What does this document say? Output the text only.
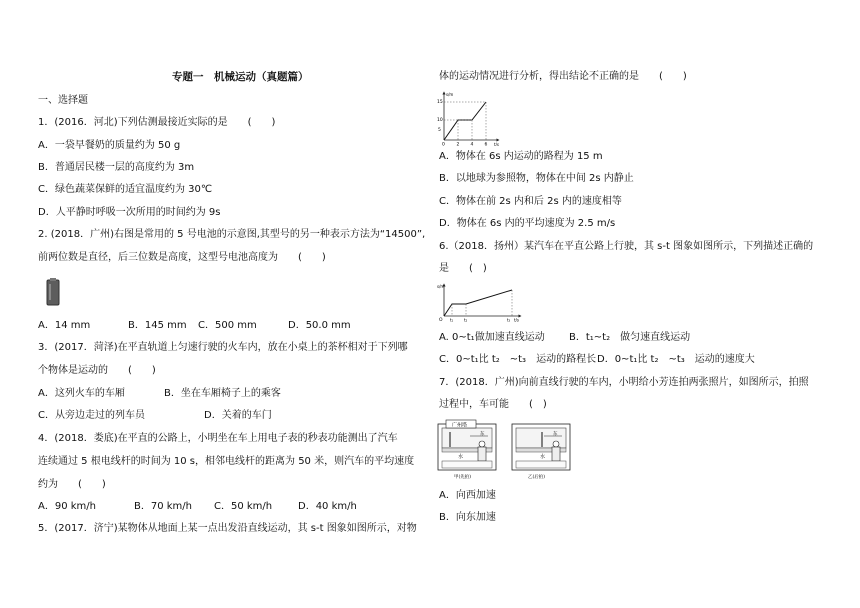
专题一　机械运动（真题篇）
一、选择题
1．(2016．河北)下列估测最接近实际的是　　(　　)
A．一袋早餐奶的质量约为 50 g
B．普通居民楼一层的高度约为 3m
C．绿色蔬菜保鲜的适宜温度约为 30℃
D．人平静时呼吸一次所用的时间约为 9s
2. (2018．广州)右图是常用的 5 号电池的示意图,其型号的另一种表示方法为“14500”,
前两位数是直径，后三位数是高度，这型号电池高度为　　(　　)
A．14 mm	B．145 mm C．500 mm	D．50.0 mm
3．(2017．菏泽)在平直轨道上匀速行驶的火车内，放在小桌上的茶杯相对于下列哪
个物体是运动的　　(　　)
A．这列火车的车厢	B．坐在车厢椅子上的乘客
C．从旁边走过的列车员	D．关着的车门
4．(2018．娄底)在平直的公路上，小明坐在车上用电子表的秒表功能测出了汽车
连续通过 5 根电线杆的时间为 10 s，相邻电线杆的距离为 50 米，则汽车的平均速度
约为　　(　　)
A．90 km/h	B．70 km/h C．50 km/h	D．40 km/h
5．(2017．济宁)某物体从地面上某一点出发沿直线运动，其 s-t 图象如图所示，对物
体的运动情况进行分析，得出结论不正确的是　　(　　)
s/m
t/s
15
10
5
0	2 4 6
A．物体在 6s 内运动的路程为 15 m
B．以地球为参照物，物体在中间 2s 内静止
C．物体在前 2s 内和后 2s 内的速度相等
D．物体在 6s 内的平均速度为 2.5 m/s
6.（2018．扬州）某汽车在平直公路上行驶，其 s-t 图象如图所示，下列描述正确的
是　　(　)
s/m
t/s
O t₁	t₂	t₃
A. 0~t₁做加速直线运动 B．t₁~t₂　做匀速直线运动
C．0~t₁比 t₂　~t₃　运动的路程长 D．0~t₁比 t₂　~t₃　运动的速度大
7．(2018．广州)向前直线行驶的车内，小明给小芳连拍两张照片，如图所示，拍照
过程中，车可能　　(　)
广州塔
东
水
甲(先拍)
东
水
乙(后拍)
A．向西加速
B．向东加速
